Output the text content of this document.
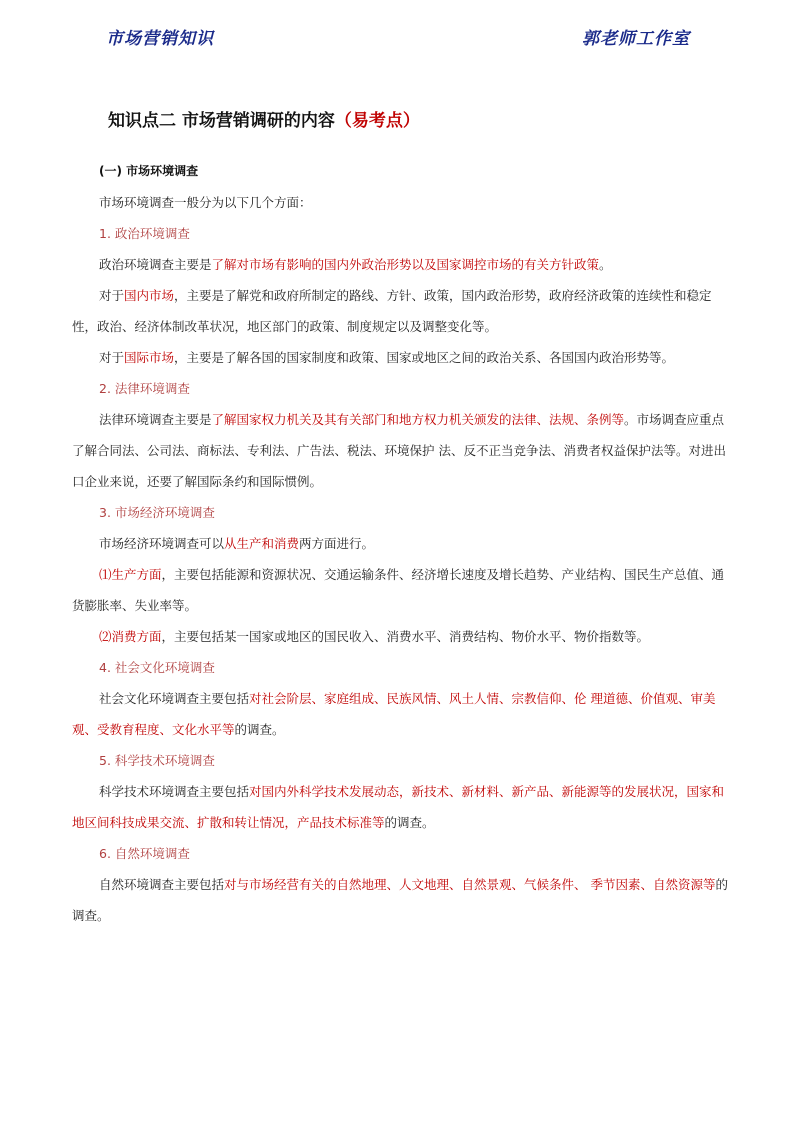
市场营销知识	郭老师工作室
知识点二 市场营销调研的内容（易考点）

(一) 市场环境调查

市场环境调查一般分为以下几个方面：

1. 政治环境调查

政治环境调查主要是了解对市场有影响的国内外政治形势以及国家调控市场的有关方针政策。

对于国内市场，主要是了解党和政府所制定的路线、方针、政策，国内政治形势，政府经济政策的连续性和稳定性，政治、经济体制改革状况，地区部门的政策、制度规定以及调整变化等。

对于国际市场，主要是了解各国的国家制度和政策、国家或地区之间的政治关系、各国国内政治形势等。

2. 法律环境调查

法律环境调查主要是了解国家权力机关及其有关部门和地方权力机关颁发的法律、法规、条例等。市场调查应重点了解合同法、公司法、商标法、专利法、广告法、税法、环境保护 法、反不正当竞争法、消费者权益保护法等。对进出口企业来说，还要了解国际条约和国际惯例。

3. 市场经济环境调查

市场经济环境调查可以从生产和消费两方面进行。

⑴生产方面，主要包括能源和资源状况、交通运输条件、经济增长速度及增长趋势、产业结构、国民生产总值、通货膨胀率、失业率等。

⑵消费方面，主要包括某一国家或地区的国民收入、消费水平、消费结构、物价水平、物价指数等。

4. 社会文化环境调查

社会文化环境调查主要包括对社会阶层、家庭组成、民族风情、风土人情、宗教信仰、伦 理道德、价值观、审美观、受教育程度、文化水平等的调查。

5. 科学技术环境调查

科学技术环境调查主要包括对国内外科学技术发展动态，新技术、新材料、新产品、新能源等的发展状况，国家和地区间科技成果交流、扩散和转让情况，产品技术标准等的调查。

6. 自然环境调查

自然环境调查主要包括对与市场经营有关的自然地理、人文地理、自然景观、气候条件、 季节因素、自然资源等的调查。
